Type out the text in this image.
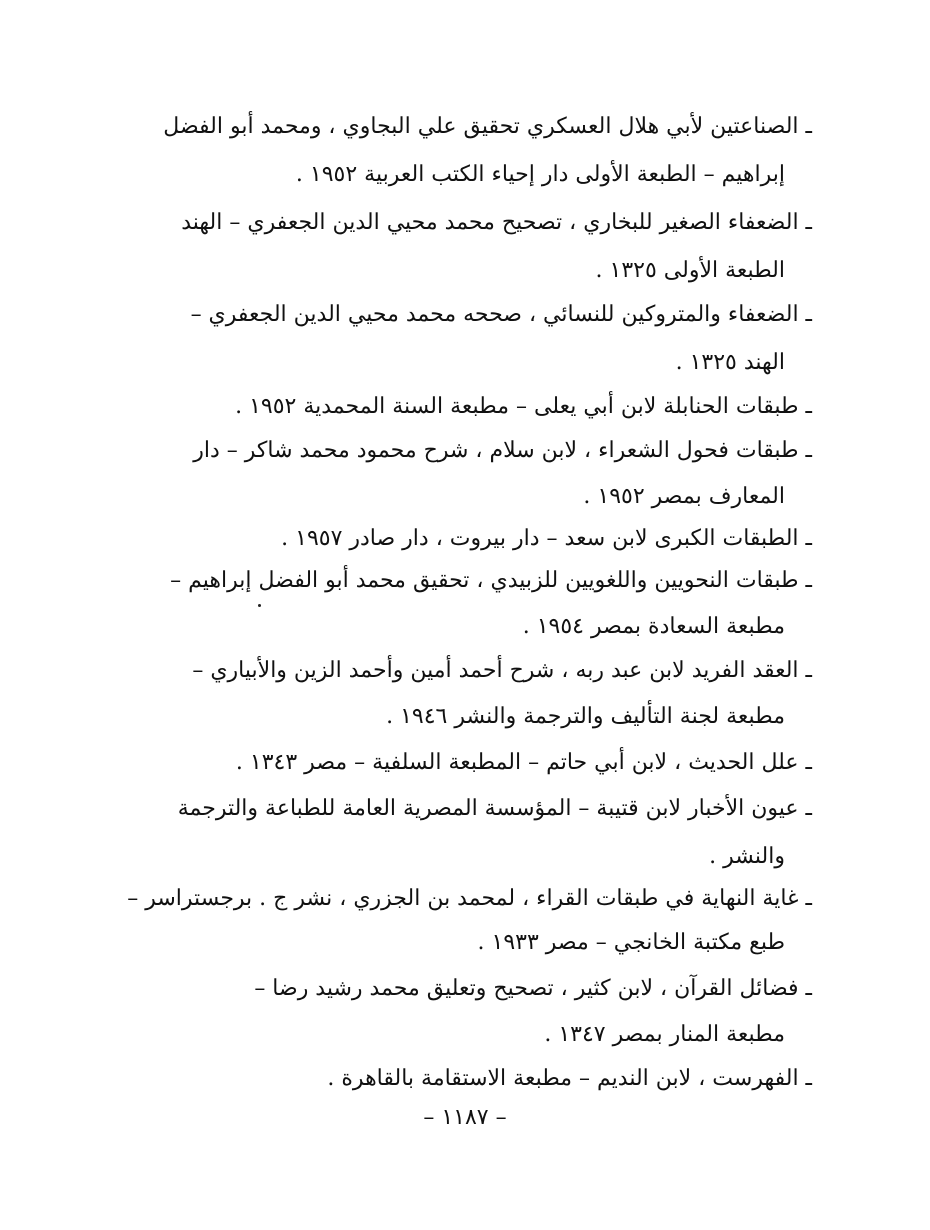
ـ الصناعتين لأبي هلال العسكري تحقيق علي البجاوي ، ومحمد أبو الفضل
إبراهيم – الطبعة الأولى دار إحياء الكتب العربية ١٩٥٢ .
ـ الضعفاء الصغير للبخاري ، تصحيح محمد محيي الدين الجعفري – الهند
الطبعة الأولى ١٣٢٥ .
ـ الضعفاء والمتروكين للنسائي ، صححه محمد محيي الدين الجعفري –
الهند ١٣٢٥ .
ـ طبقات الحنابلة لابن أبي يعلى – مطبعة السنة المحمدية ١٩٥٢ .
ـ طبقات فحول الشعراء ، لابن سلام ، شرح محمود محمد شاكر – دار
المعارف بمصر ١٩٥٢ .
ـ الطبقات الكبرى لابن سعد – دار بيروت ، دار صادر ١٩٥٧ .
ـ طبقات النحويين واللغويين للزبيدي ، تحقيق محمد أبو الفضل إبراهيم –
مطبعة السعادة بمصر ١٩٥٤ .
ـ العقد الفريد لابن عبد ربه ، شرح أحمد أمين وأحمد الزين والأبياري –
مطبعة لجنة التأليف والترجمة والنشر ١٩٤٦ .
ـ علل الحديث ، لابن أبي حاتم – المطبعة السلفية – مصر ١٣٤٣ .
ـ عيون الأخبار لابن قتيبة – المؤسسة المصرية العامة للطباعة والترجمة
والنشر .
ـ غاية النهاية في طبقات القراء ، لمحمد بن الجزري ، نشر ج . برجستراسر –
طبع مكتبة الخانجي – مصر ١٩٣٣ .
ـ فضائل القرآن ، لابن كثير ، تصحيح وتعليق محمد رشيد رضا –
مطبعة المنار بمصر ١٣٤٧ .
ـ الفهرست ، لابن النديم – مطبعة الاستقامة بالقاهرة .
– ١١٨٧ –
